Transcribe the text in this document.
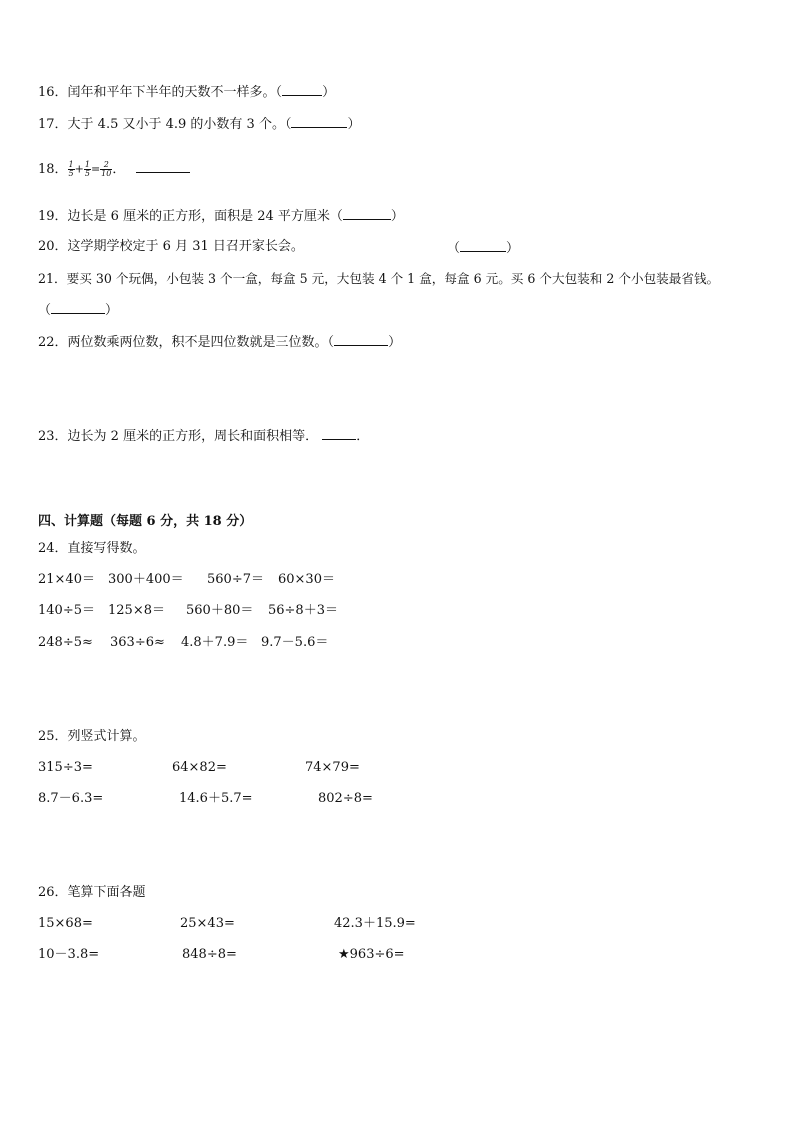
16．闰年和平年下半年的天数不一样多。（	）
17．大于 4.5 又小于 4.9 的小数有 3 个。（	）
18． $\frac{1}{5} + \frac{1}{5} = \frac{2}{10}$ ．
19．边长是 6 厘米的正方形，面积是 24 平方厘米（	）
20．这学期学校定于 6 月 31 日召开家长会。	（	）
21．要买 30 个玩偶，小包装 3 个一盒，每盒 5 元，大包装 4 个 1 盒，每盒 6 元。买 6 个大包装和 2 个小包装最省钱。
（	）
22．两位数乘两位数，积不是四位数就是三位数。（	）
23．边长为 2 厘米的正方形，周长和面积相等．	．
四、计算题（每题 6 分，共 18 分）
24．直接写得数。
21×40＝ 300＋400＝ 560÷7＝ 60×30＝
140÷5＝ 125×8＝ 560＋80＝ 56÷8＋3＝
248÷5≈ 363÷6≈ 4.8＋7.9＝ 9.7－5.6＝
25．列竖式计算。
315÷3=	64×82=	74×79=
8.7－6.3=	14.6＋5.7=	802÷8=
26．笔算下面各题
15×68=	25×43=	42.3＋15.9=
10－3.8=	848÷8=	★963÷6=
